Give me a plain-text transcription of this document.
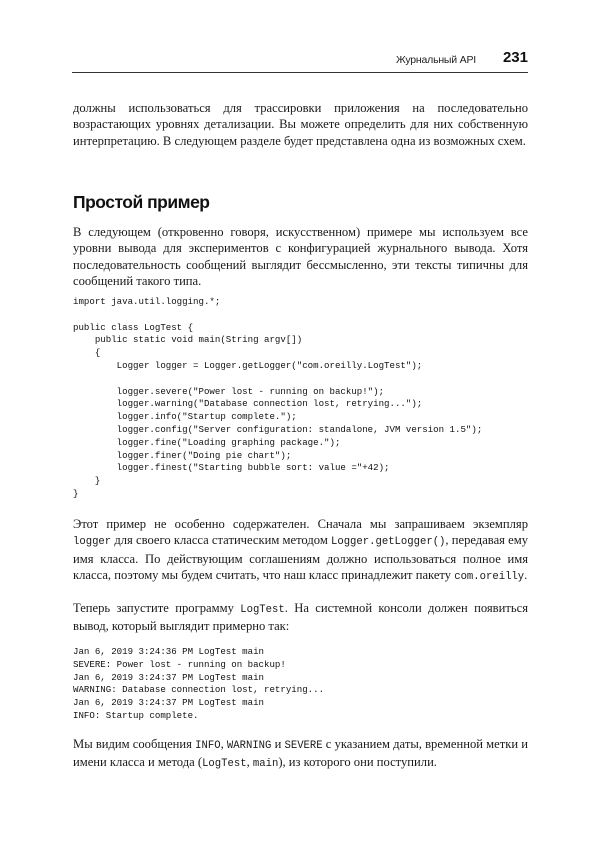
Журнальный API 231

должны использоваться для трассировки приложения на последовательно возрастающих уровнях детализации. Вы можете определить для них собственную интерпретацию. В следующем разделе будет представлена одна из возможных схем.

Простой пример

В следующем (откровенно говоря, искусственном) примере мы используем все уровни вывода для экспериментов с конфигурацией журнального вывода. Хотя последовательность сообщений выглядит бессмысленно, эти тексты типичны для сообщений такого типа.

import java.util.logging.*;

public class LogTest {
public static void main(String argv[])
{
Logger logger = Logger.getLogger("com.oreilly.LogTest");

logger.severe("Power lost - running on backup!");
logger.warning("Database connection lost, retrying...");
logger.info("Startup complete.");
logger.config("Server configuration: standalone, JVM version 1.5");
logger.fine("Loading graphing package.");
logger.finer("Doing pie chart");
logger.finest("Starting bubble sort: value ="+42);
}
}

Этот пример не особенно содержателен. Сначала мы запрашиваем экземпляр logger для своего класса статическим методом Logger.getLogger(), передавая ему имя класса. По действующим соглашениям должно использоваться полное имя класса, поэтому мы будем считать, что наш класс принадлежит пакету com.oreilly.

Теперь запустите программу LogTest. На системной консоли должен появиться вывод, который выглядит примерно так:

Jan 6, 2019 3:24:36 PM LogTest main
SEVERE: Power lost - running on backup!
Jan 6, 2019 3:24:37 PM LogTest main
WARNING: Database connection lost, retrying...
Jan 6, 2019 3:24:37 PM LogTest main
INFO: Startup complete.

Мы видим сообщения INFO, WARNING и SEVERE с указанием даты, временной метки и имени класса и метода (LogTest, main), из которого они поступили.
